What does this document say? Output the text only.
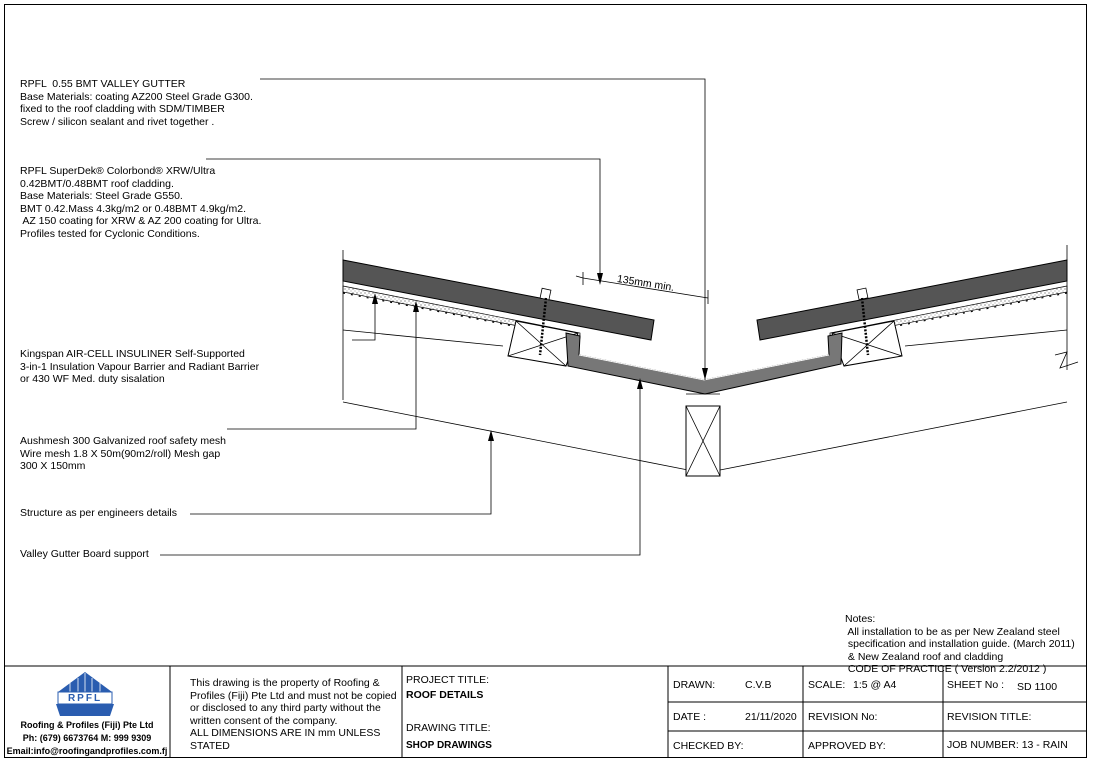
RPFL  0.55 BMT VALLEY GUTTER
Base Materials: coating AZ200 Steel Grade G300.
fixed to the roof cladding with SDM/TIMBER
Screw / silicon sealant and rivet together .

RPFL SuperDek® Colorbond® XRW/Ultra
0.42BMT/0.48BMT roof cladding.
Base Materials: Steel Grade G550.
BMT 0.42.Mass 4.3kg/m2 or 0.48BMT 4.9kg/m2.
AZ 150 coating for XRW & AZ 200 coating for Ultra.
Profiles tested for Cyclonic Conditions.

Kingspan AIR-CELL INSULINER Self-Supported
3-in-1 Insulation Vapour Barrier and Radiant Barrier
or 430 WF Med. duty sisalation

Aushmesh 300 Galvanized roof safety mesh
Wire mesh 1.8 X 50m(90m2/roll) Mesh gap
300 X 150mm

Structure as per engineers details
Valley Gutter Board support
135mm min.

Notes:
All installation to be as per New Zealand steel
specification and installation guide. (March 2011)
& New Zealand roof and cladding
CODE OF PRACTICE ( Version 2.2/2012 )

RPFL
Roofing & Profiles (Fiji) Pte Ltd
Ph: (679) 6673764 M: 999 9309
Email:info@roofingandprofiles.com.fj
This drawing is the property of Roofing &
Profiles (Fiji) Pte Ltd and must not be copied
or disclosed to any third party without the
written consent of the company.
ALL DIMENSIONS ARE IN mm UNLESS
STATED
PROJECT TITLE:
ROOF DETAILS
DRAWING TITLE:
SHOP DRAWINGS
DRAWN:	C.V.B	SCALE: 1:5 @ A4	SHEET No : SD 1100
DATE :	21/11/2020 REVISION No:	REVISION TITLE:
CHECKED BY:	APPROVED BY:	JOB NUMBER: 13 - RAIN
